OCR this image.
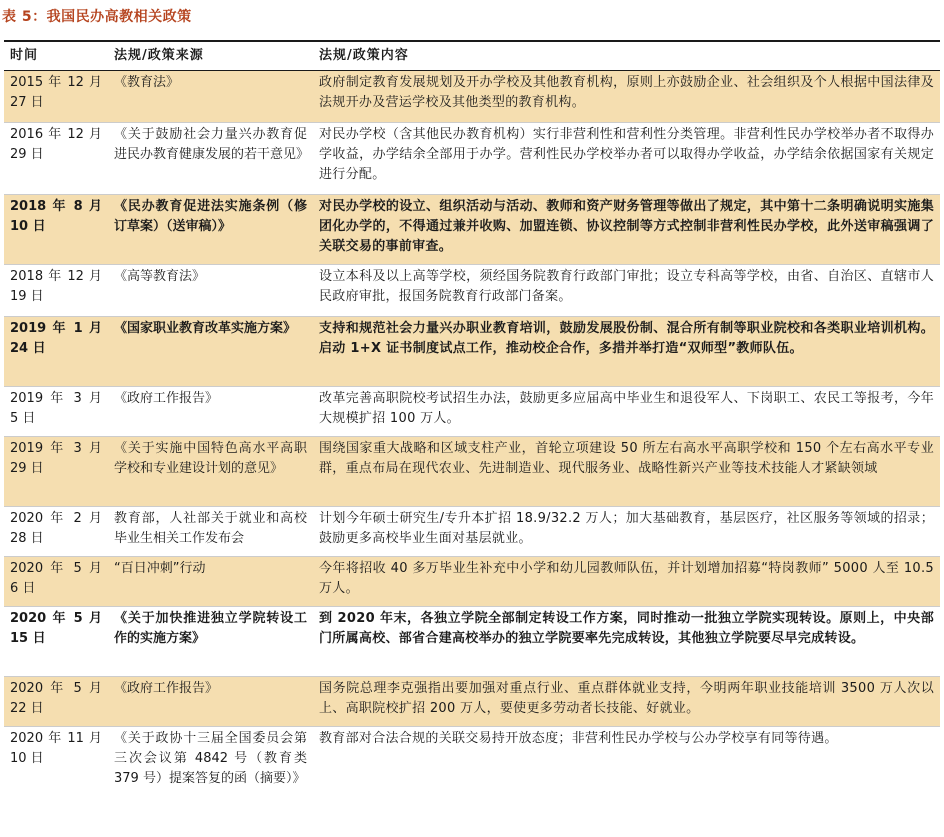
表 5：我国民办高教相关政策
时间	法规/政策来源	法规/政策内容
2015 年 12 月 27 日	《教育法》	政府制定教育发展规划及开办学校及其他教育机构，原则上亦鼓励企业、社会组织及个人根据中国法律及法规开办及营运学校及其他类型的教育机构。
2016 年 12 月 29 日	《关于鼓励社会力量兴办教育促进民办教育健康发展的若干意见》	对民办学校（含其他民办教育机构）实行非营利性和营利性分类管理。非营利性民办学校举办者不取得办学收益，办学结余全部用于办学。营利性民办学校举办者可以取得办学收益，办学结余依据国家有关规定进行分配。
2018 年 8 月 10 日	《民办教育促进法实施条例（修订草案）（送审稿）》	对民办学校的设立、组织活动与活动、教师和资产财务管理等做出了规定，其中第十二条明确说明实施集团化办学的，不得通过兼并收购、加盟连锁、协议控制等方式控制非营利性民办学校，此外送审稿强调了关联交易的事前审查。
2018 年 12 月 19 日	《高等教育法》	设立本科及以上高等学校，须经国务院教育行政部门审批；设立专科高等学校，由省、自治区、直辖市人民政府审批，报国务院教育行政部门备案。
2019 年 1 月 24 日	《国家职业教育改革实施方案》	支持和规范社会力量兴办职业教育培训，鼓励发展股份制、混合所有制等职业院校和各类职业培训机构。启动 1+X 证书制度试点工作，推动校企合作，多措并举打造“双师型”教师队伍。
2019 年 3 月 5 日	《政府工作报告》	改革完善高职院校考试招生办法，鼓励更多应届高中毕业生和退役军人、下岗职工、农民工等报考，今年大规模扩招 100 万人。
2019 年 3 月 29 日	《关于实施中国特色高水平高职学校和专业建设计划的意见》	围绕国家重大战略和区域支柱产业，首轮立项建设 50 所左右高水平高职学校和 150 个左右高水平专业群，重点布局在现代农业、先进制造业、现代服务业、战略性新兴产业等技术技能人才紧缺领域
2020 年 2 月 28 日	教育部，人社部关于就业和高校毕业生相关工作发布会	计划今年硕士研究生/专升本扩招 18.9/32.2 万人；加大基础教育，基层医疗，社区服务等领域的招录；鼓励更多高校毕业生面对基层就业。
2020 年 5 月 6 日	“百日冲刺”行动	今年将招收 40 多万毕业生补充中小学和幼儿园教师队伍，并计划增加招募“特岗教师” 5000 人至 10.5 万人。
2020 年 5 月 15 日	《关于加快推进独立学院转设工作的实施方案》	到 2020 年末，各独立学院全部制定转设工作方案，同时推动一批独立学院实现转设。原则上，中央部门所属高校、部省合建高校举办的独立学院要率先完成转设，其他独立学院要尽早完成转设。
2020 年 5 月 22 日	《政府工作报告》	国务院总理李克强指出要加强对重点行业、重点群体就业支持，今明两年职业技能培训 3500 万人次以上、高职院校扩招 200 万人，要使更多劳动者长技能、好就业。
2020 年 11 月 10 日	《关于政协十三届全国委员会第三次会议第 4842 号（教育类 379 号）提案答复的函（摘要）》	教育部对合法合规的关联交易持开放态度；非营利性民办学校与公办学校享有同等待遇。
